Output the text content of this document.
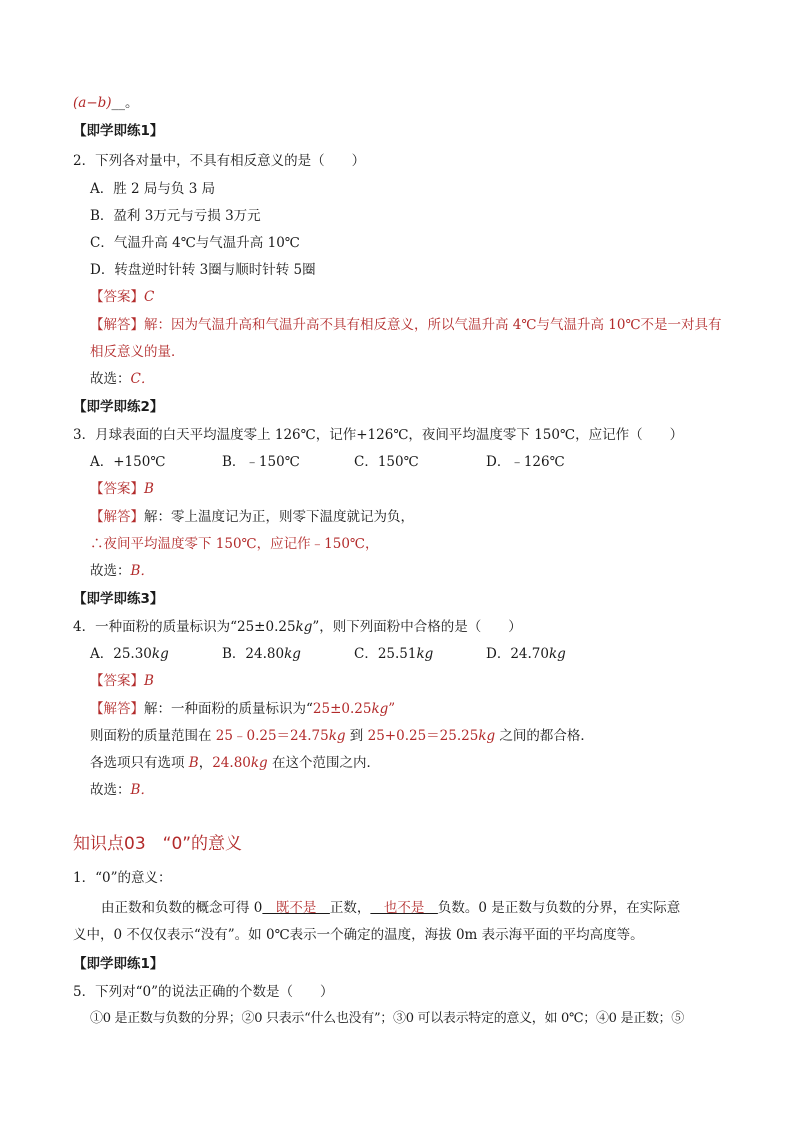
(a−b)__。
【即学即练1】
2．下列各对量中，不具有相反意义的是（　　）
A．胜 2 局与负 3 局
B．盈利 3万元与亏损 3万元
C．气温升高 4℃与气温升高 10℃
D．转盘逆时针转 3圈与顺时针转 5圈
【答案】C
【解答】解：因为气温升高和气温升高不具有相反意义，所以气温升高 4℃与气温升高 10℃不是一对具有
相反意义的量．
故选：C．
【即学即练2】
3．月球表面的白天平均温度零上 126℃，记作+126℃，夜间平均温度零下 150℃，应记作（　　）
A．+150℃	B．﹣150℃	C．150℃	D．﹣126℃
【答案】B
【解答】解：零上温度记为正，则零下温度就记为负，
∴夜间平均温度零下 150℃，应记作﹣150℃，
故选：B．
【即学即练3】
4．一种面粉的质量标识为“25±0.25kg”，则下列面粉中合格的是（　　）
A．25.30kg	B．24.80kg	C．25.51kg	D．24.70kg
【答案】B
【解答】解：一种面粉的质量标识为“25±0.25kg”
则面粉的质量范围在 25﹣0.25＝24.75kg 到 25+0.25＝25.25kg 之间的都合格．
各选项只有选项 B，24.80kg 在这个范围之内．
故选：B．
知识点03　“0”的意义
1．“0”的意义：
由正数和负数的概念可得 0　既不是　正数，　也不是　负数。0 是正数与负数的分界，在实际意
义中，0 不仅仅表示“没有”。如 0℃表示一个确定的温度，海拔 0m 表示海平面的平均高度等。
【即学即练1】
5．下列对“0”的说法正确的个数是（　　）
①0 是正数与负数的分界；②0 只表示“什么也没有”；③0 可以表示特定的意义，如 0℃；④0 是正数；⑤
